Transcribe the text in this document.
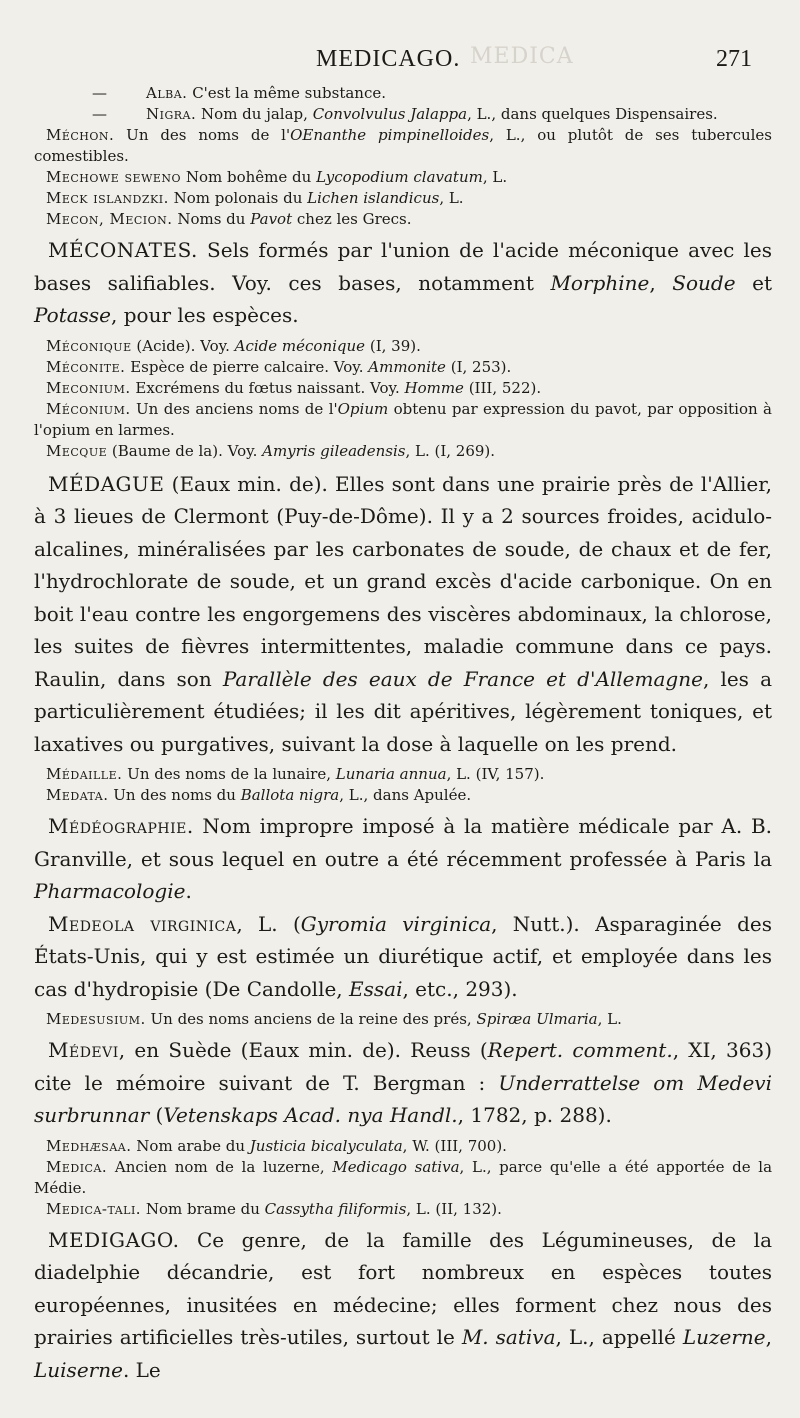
MEDICA
MEDICAGO.	271

—	Alba. C'est la même substance.

—	Nigra. Nom du jalap, Convolvulus Jalappa, L., dans quelques Dispensaires.

Méchon. Un des noms de l'OEnanthe pimpinelloides, L., ou plutôt de ses tubercules comestibles.

Mechowe seweno Nom bohême du Lycopodium clavatum, L.

Meck islandzki. Nom polonais du Lichen islandicus, L.

Mecon, Mecion. Noms du Pavot chez les Grecs.

MÉCONATES. Sels formés par l'union de l'acide méconique avec les bases salifiables. Voy. ces bases, notamment Morphine, Soude et Potasse, pour les espèces.

Méconique (Acide). Voy. Acide méconique (I, 39).

Méconite. Espèce de pierre calcaire. Voy. Ammonite (I, 253).

Meconium. Excrémens du fœtus naissant. Voy. Homme (III, 522).

Méconium. Un des anciens noms de l'Opium obtenu par expression du pavot, par opposition à l'opium en larmes.

Mecque (Baume de la). Voy. Amyris gileadensis, L. (I, 269).

MÉDAGUE (Eaux min. de). Elles sont dans une prairie près de l'Allier, à 3 lieues de Clermont (Puy-de-Dôme). Il y a 2 sources froides, acidulo-alcalines, minéralisées par les carbonates de soude, de chaux et de fer, l'hydrochlorate de soude, et un grand excès d'acide carbonique. On en boit l'eau contre les engorgemens des viscères abdominaux, la chlorose, les suites de fièvres intermittentes, maladie commune dans ce pays. Raulin, dans son Parallèle des eaux de France et d'Allemagne, les a particulièrement étudiées; il les dit apéritives, légèrement toniques, et laxatives ou purgatives, suivant la dose à laquelle on les prend.

Médaille. Un des noms de la lunaire, Lunaria annua, L. (IV, 157).

Medata. Un des noms du Ballota nigra, L., dans Apulée.

Médéographie. Nom impropre imposé à la matière médicale par A. B. Granville, et sous lequel en outre a été récemment professée à Paris la Pharmacologie.

Medeola virginica, L. (Gyromia virginica, Nutt.). Asparaginée des États-Unis, qui y est estimée un diurétique actif, et employée dans les cas d'hydropisie (De Candolle, Essai, etc., 293).

Medesusium. Un des noms anciens de la reine des prés, Spiræa Ulmaria, L.

Médevi, en Suède (Eaux min. de). Reuss (Repert. comment., XI, 363) cite le mémoire suivant de T. Bergman : Underrattelse om Medevi surbrunnar (Vetenskaps Acad. nya Handl., 1782, p. 288).

Medhæsaa. Nom arabe du Justicia bicalyculata, W. (III, 700).

Medica. Ancien nom de la luzerne, Medicago sativa, L., parce qu'elle a été apportée de la Médie.

Medica-tali. Nom brame du Cassytha filiformis, L. (II, 132).

MEDIGAGO. Ce genre, de la famille des Légumineuses, de la diadelphie décandrie, est fort nombreux en espèces toutes européennes, inusitées en médecine; elles forment chez nous des prairies artificielles très-utiles, surtout le M. sativa, L., appellé Luzerne, Luiserne. Le
